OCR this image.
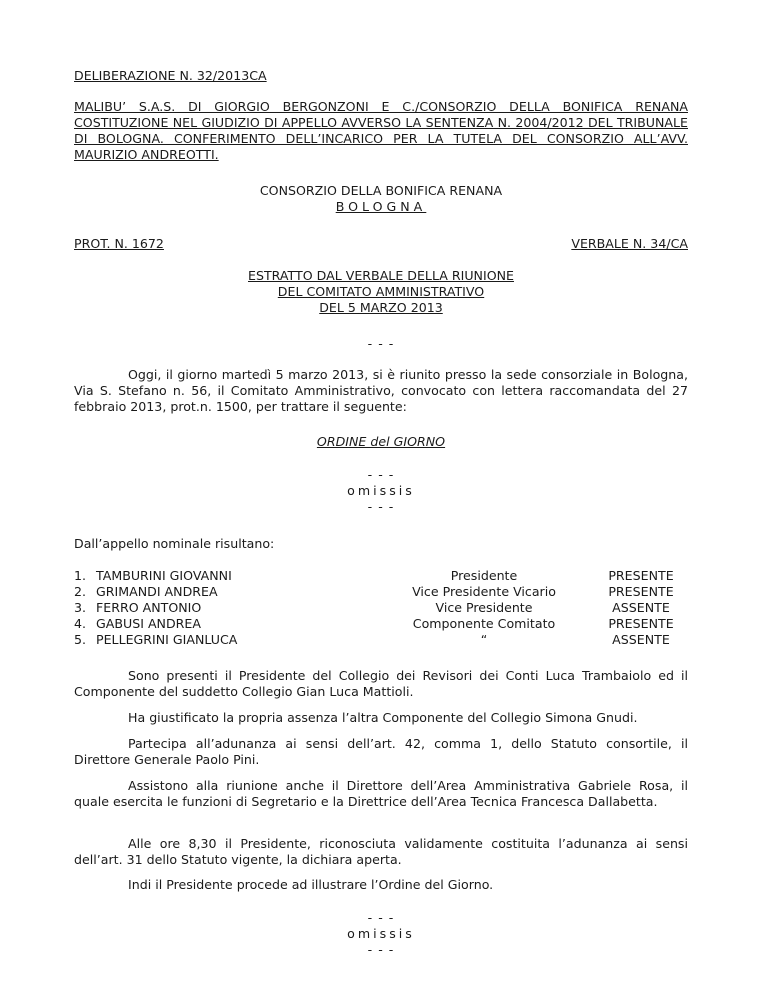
DELIBERAZIONE N. 32/2013CA
MALIBU’ S.A.S. DI GIORGIO BERGONZONI E C./CONSORZIO DELLA BONIFICA RENANA COSTITUZIONE NEL GIUDIZIO DI APPELLO AVVERSO LA SENTENZA N. 2004/2012 DEL TRIBUNALE DI BOLOGNA. CONFERIMENTO DELL’INCARICO PER LA TUTELA DEL CONSORZIO ALL’AVV. MAURIZIO ANDREOTTI.
CONSORZIO DELLA BONIFICA RENANA
BOLOGNA
PROT. N. 1672	VERBALE N. 34/CA
ESTRATTO DAL VERBALE DELLA RIUNIONE
DEL COMITATO AMMINISTRATIVO
DEL 5 MARZO 2013
- - -
Oggi, il giorno martedì 5 marzo 2013, si è riunito presso la sede consorziale in Bologna, Via S. Stefano n. 56, il Comitato Amministrativo, convocato con lettera raccomandata del 27 febbraio 2013, prot.n. 1500, per trattare il seguente:
ORDINE del GIORNO
- - -
omissis
- - -
Dall’appello nominale risultano:
1. TAMBURINI GIOVANNI	Presidente	PRESENTE
2. GRIMANDI ANDREA	Vice Presidente Vicario	PRESENTE
3. FERRO ANTONIO	Vice Presidente	ASSENTE
4. GABUSI ANDREA	Componente Comitato	PRESENTE
5. PELLEGRINI GIANLUCA	“	ASSENTE
Sono presenti il Presidente del Collegio dei Revisori dei Conti Luca Trambaiolo ed il Componente del suddetto Collegio Gian Luca Mattioli.
Ha giustificato la propria assenza l’altra Componente del Collegio Simona Gnudi.
Partecipa all’adunanza ai sensi dell’art. 42, comma 1, dello Statuto consortile, il Direttore Generale Paolo Pini.
Assistono alla riunione anche il Direttore dell’Area Amministrativa Gabriele Rosa, il quale esercita le funzioni di Segretario e la Direttrice dell’Area Tecnica Francesca Dallabetta.
Alle ore 8,30 il Presidente, riconosciuta validamente costituita l’adunanza ai sensi dell’art. 31 dello Statuto vigente, la dichiara aperta.
Indi il Presidente procede ad illustrare l’Ordine del Giorno.
- - -
omissis
- - -
